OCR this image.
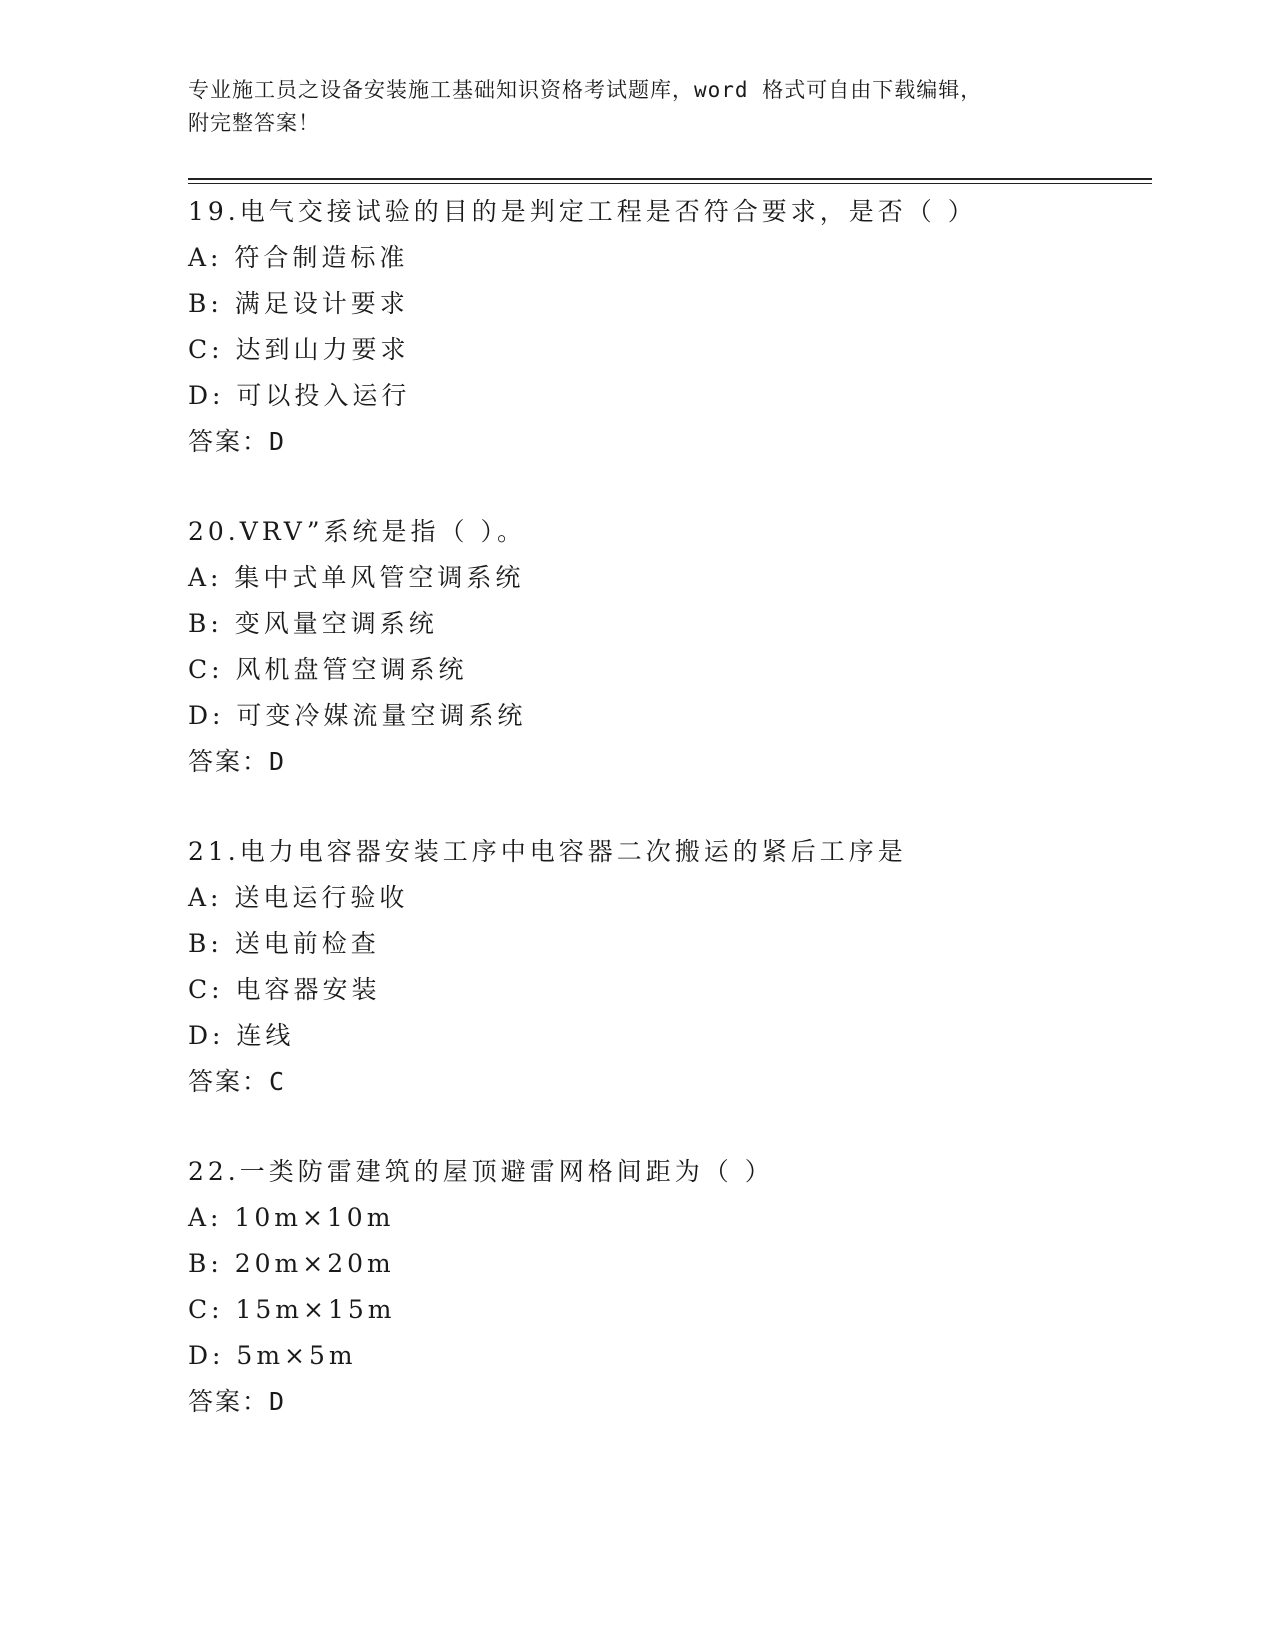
专业施工员之设备安装施工基础知识资格考试题库，word 格式可自由下载编辑，
附完整答案！
19.电气交接试验的目的是判定工程是否符合要求，是否（ ）
A: 符合制造标准
B: 满足设计要求
C: 达到山力要求
D: 可以投入运行
答案：D
20.VRV”系统是指（ ）。
A: 集中式单风管空调系统
B: 变风量空调系统
C: 风机盘管空调系统
D: 可变冷媒流量空调系统
答案：D
21.电力电容器安装工序中电容器二次搬运的紧后工序是
A: 送电运行验收
B: 送电前检查
C: 电容器安装
D: 连线
答案：C
22.一类防雷建筑的屋顶避雷网格间距为（ ）
A: 10m×10m
B: 20m×20m
C: 15m×15m
D: 5m×5m
答案：D
